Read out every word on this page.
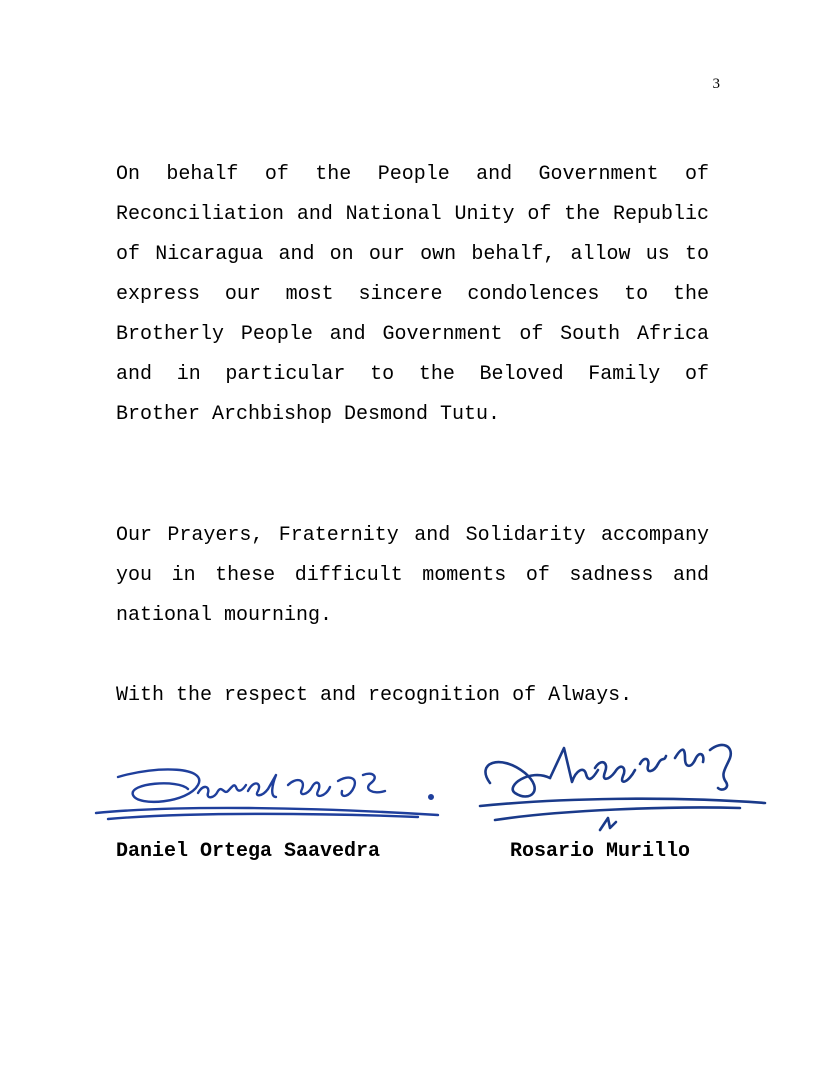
3
On behalf of the People and Government of Reconciliation and National Unity of the Republic of Nicaragua and on our own behalf, allow us to express our most sincere condolences to the Brotherly People and Government of South Africa and in particular to the Beloved Family of Brother Archbishop Desmond Tutu.
Our Prayers, Fraternity and Solidarity accompany you in these difficult moments of sadness and national mourning.
With the respect and recognition of Always.
Daniel Ortega Saavedra	Rosario Murillo
